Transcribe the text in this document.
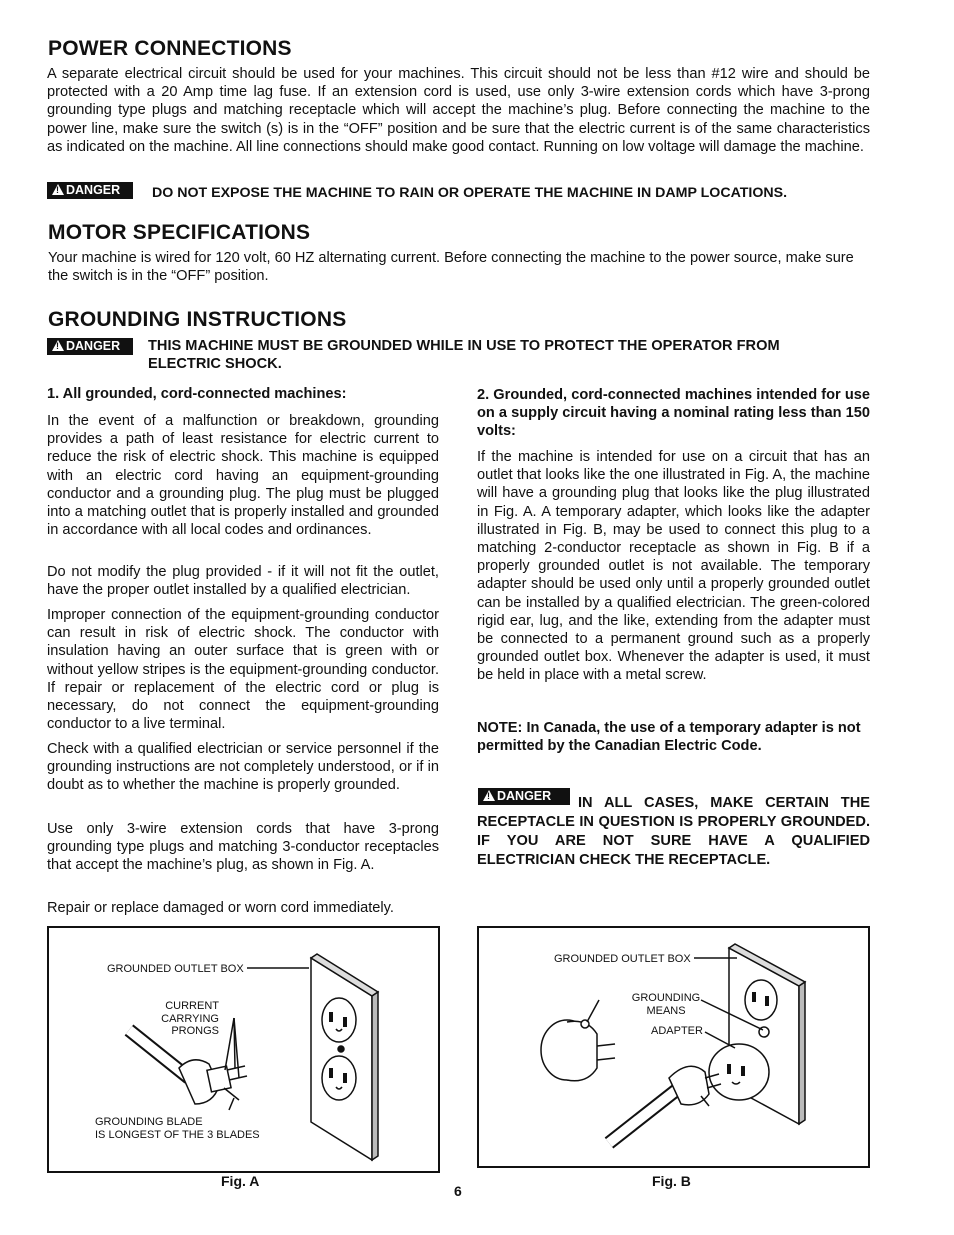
POWER CONNECTIONS
A separate electrical circuit should be used for your machines. This circuit should not be less than #12 wire and should be protected with a 20 Amp time lag fuse. If an extension cord is used, use only 3-wire extension cords which have 3-prong grounding type plugs and matching receptacle which will accept the machine’s plug. Before connecting the machine to the power line, make sure the switch (s) is in the “OFF” position and be sure that the electric current is of the same characteristics as indicated on the machine. All line connections should make good contact. Running on low voltage will damage the machine.
!DANGER	DO NOT EXPOSE THE MACHINE TO RAIN OR OPERATE THE MACHINE IN DAMP LOCATIONS.
MOTOR SPECIFICATIONS
Your machine is wired for 120 volt, 60 HZ alternating current. Before connecting the machine to the power source, make sure the switch is in the “OFF” position.
GROUNDING INSTRUCTIONS
!DANGER	THIS MACHINE MUST BE GROUNDED WHILE IN USE TO PROTECT THE OPERATOR FROM ELECTRIC SHOCK.
1. All grounded, cord-connected machines:
In the event of a malfunction or breakdown, grounding provides a path of least resistance for electric current to reduce the risk of electric shock. This machine is equipped with an electric cord having an equipment-grounding conductor and a grounding plug. The plug must be plugged into a matching outlet that is properly installed and grounded in accordance with all local codes and ordinances.
Do not modify the plug provided - if it will not fit the outlet, have the proper outlet installed by a qualified electrician.
Improper connection of the equipment-grounding conductor can result in risk of electric shock. The conductor with insulation having an outer surface that is green with or without yellow stripes is the equipment-grounding conductor. If repair or replacement of the electric cord or plug is necessary, do not connect the equipment-grounding conductor to a live terminal.
Check with a qualified electrician or service personnel if the grounding instructions are not completely understood, or if in doubt as to whether the machine is properly grounded.
Use only 3-wire extension cords that have 3-prong grounding type plugs and matching 3-conductor receptacles that accept the machine’s plug, as shown in Fig. A.
Repair or replace damaged or worn cord immediately.
2. Grounded, cord-connected machines intended for use on a supply circuit having a nominal rating less than 150 volts:
If the machine is intended for use on a circuit that has an outlet that looks like the one illustrated in Fig. A, the machine will have a grounding plug that looks like the plug illustrated in Fig. A. A temporary adapter, which looks like the adapter illustrated in Fig. B, may be used to connect this plug to a matching 2-conductor receptacle as shown in Fig. B if a properly grounded outlet is not available. The temporary adapter should be used only until a properly grounded outlet can be installed by a qualified electrician. The green-colored rigid ear, lug, and the like, extending from the adapter must be connected to a permanent ground such as a properly grounded outlet box. Whenever the adapter is used, it must be held in place with a metal screw.
NOTE: In Canada, the use of a temporary adapter is not permitted by the Canadian Electric Code.
!DANGER	IN ALL CASES, MAKE CERTAIN THE RECEPTACLE IN QUESTION IS PROPERLY GROUNDED. IF YOU ARE NOT SURE HAVE A QUALIFIED ELECTRICIAN CHECK THE RECEPTACLE.
GROUNDED OUTLET BOX
CURRENT
CARRYING
PRONGS
GROUNDING BLADE
IS LONGEST OF THE 3 BLADES
Fig. A
GROUNDED OUTLET BOX
GROUNDING
MEANS
ADAPTER
Fig. B
6
